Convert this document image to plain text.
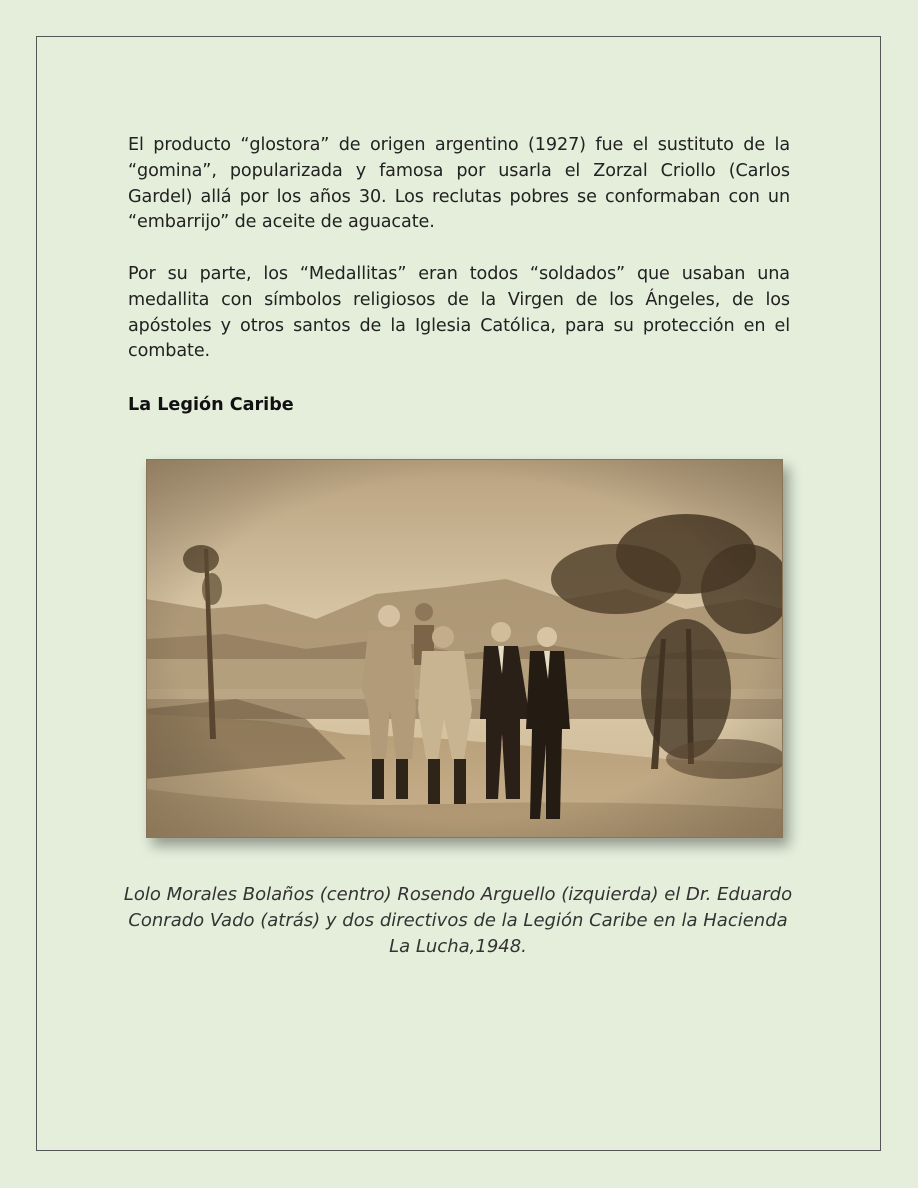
El producto “glostora” de origen argentino (1927) fue el sustituto de la “gomina”, popularizada y famosa por usarla el Zorzal Criollo (Carlos Gardel) allá por los años 30. Los reclutas pobres se conformaban con un “embarrijo” de aceite de aguacate.

Por su parte, los “Medallitas” eran todos “soldados” que usaban una medallita con símbolos religiosos de la Virgen de los Ángeles, de los apóstoles y otros santos de la Iglesia Católica, para su protección en el combate.

La Legión Caribe

Lolo Morales Bolaños (centro) Rosendo Arguello (izquierda) el Dr. Eduardo Conrado Vado (atrás) y dos directivos de la Legión Caribe en la Hacienda La Lucha,1948.
